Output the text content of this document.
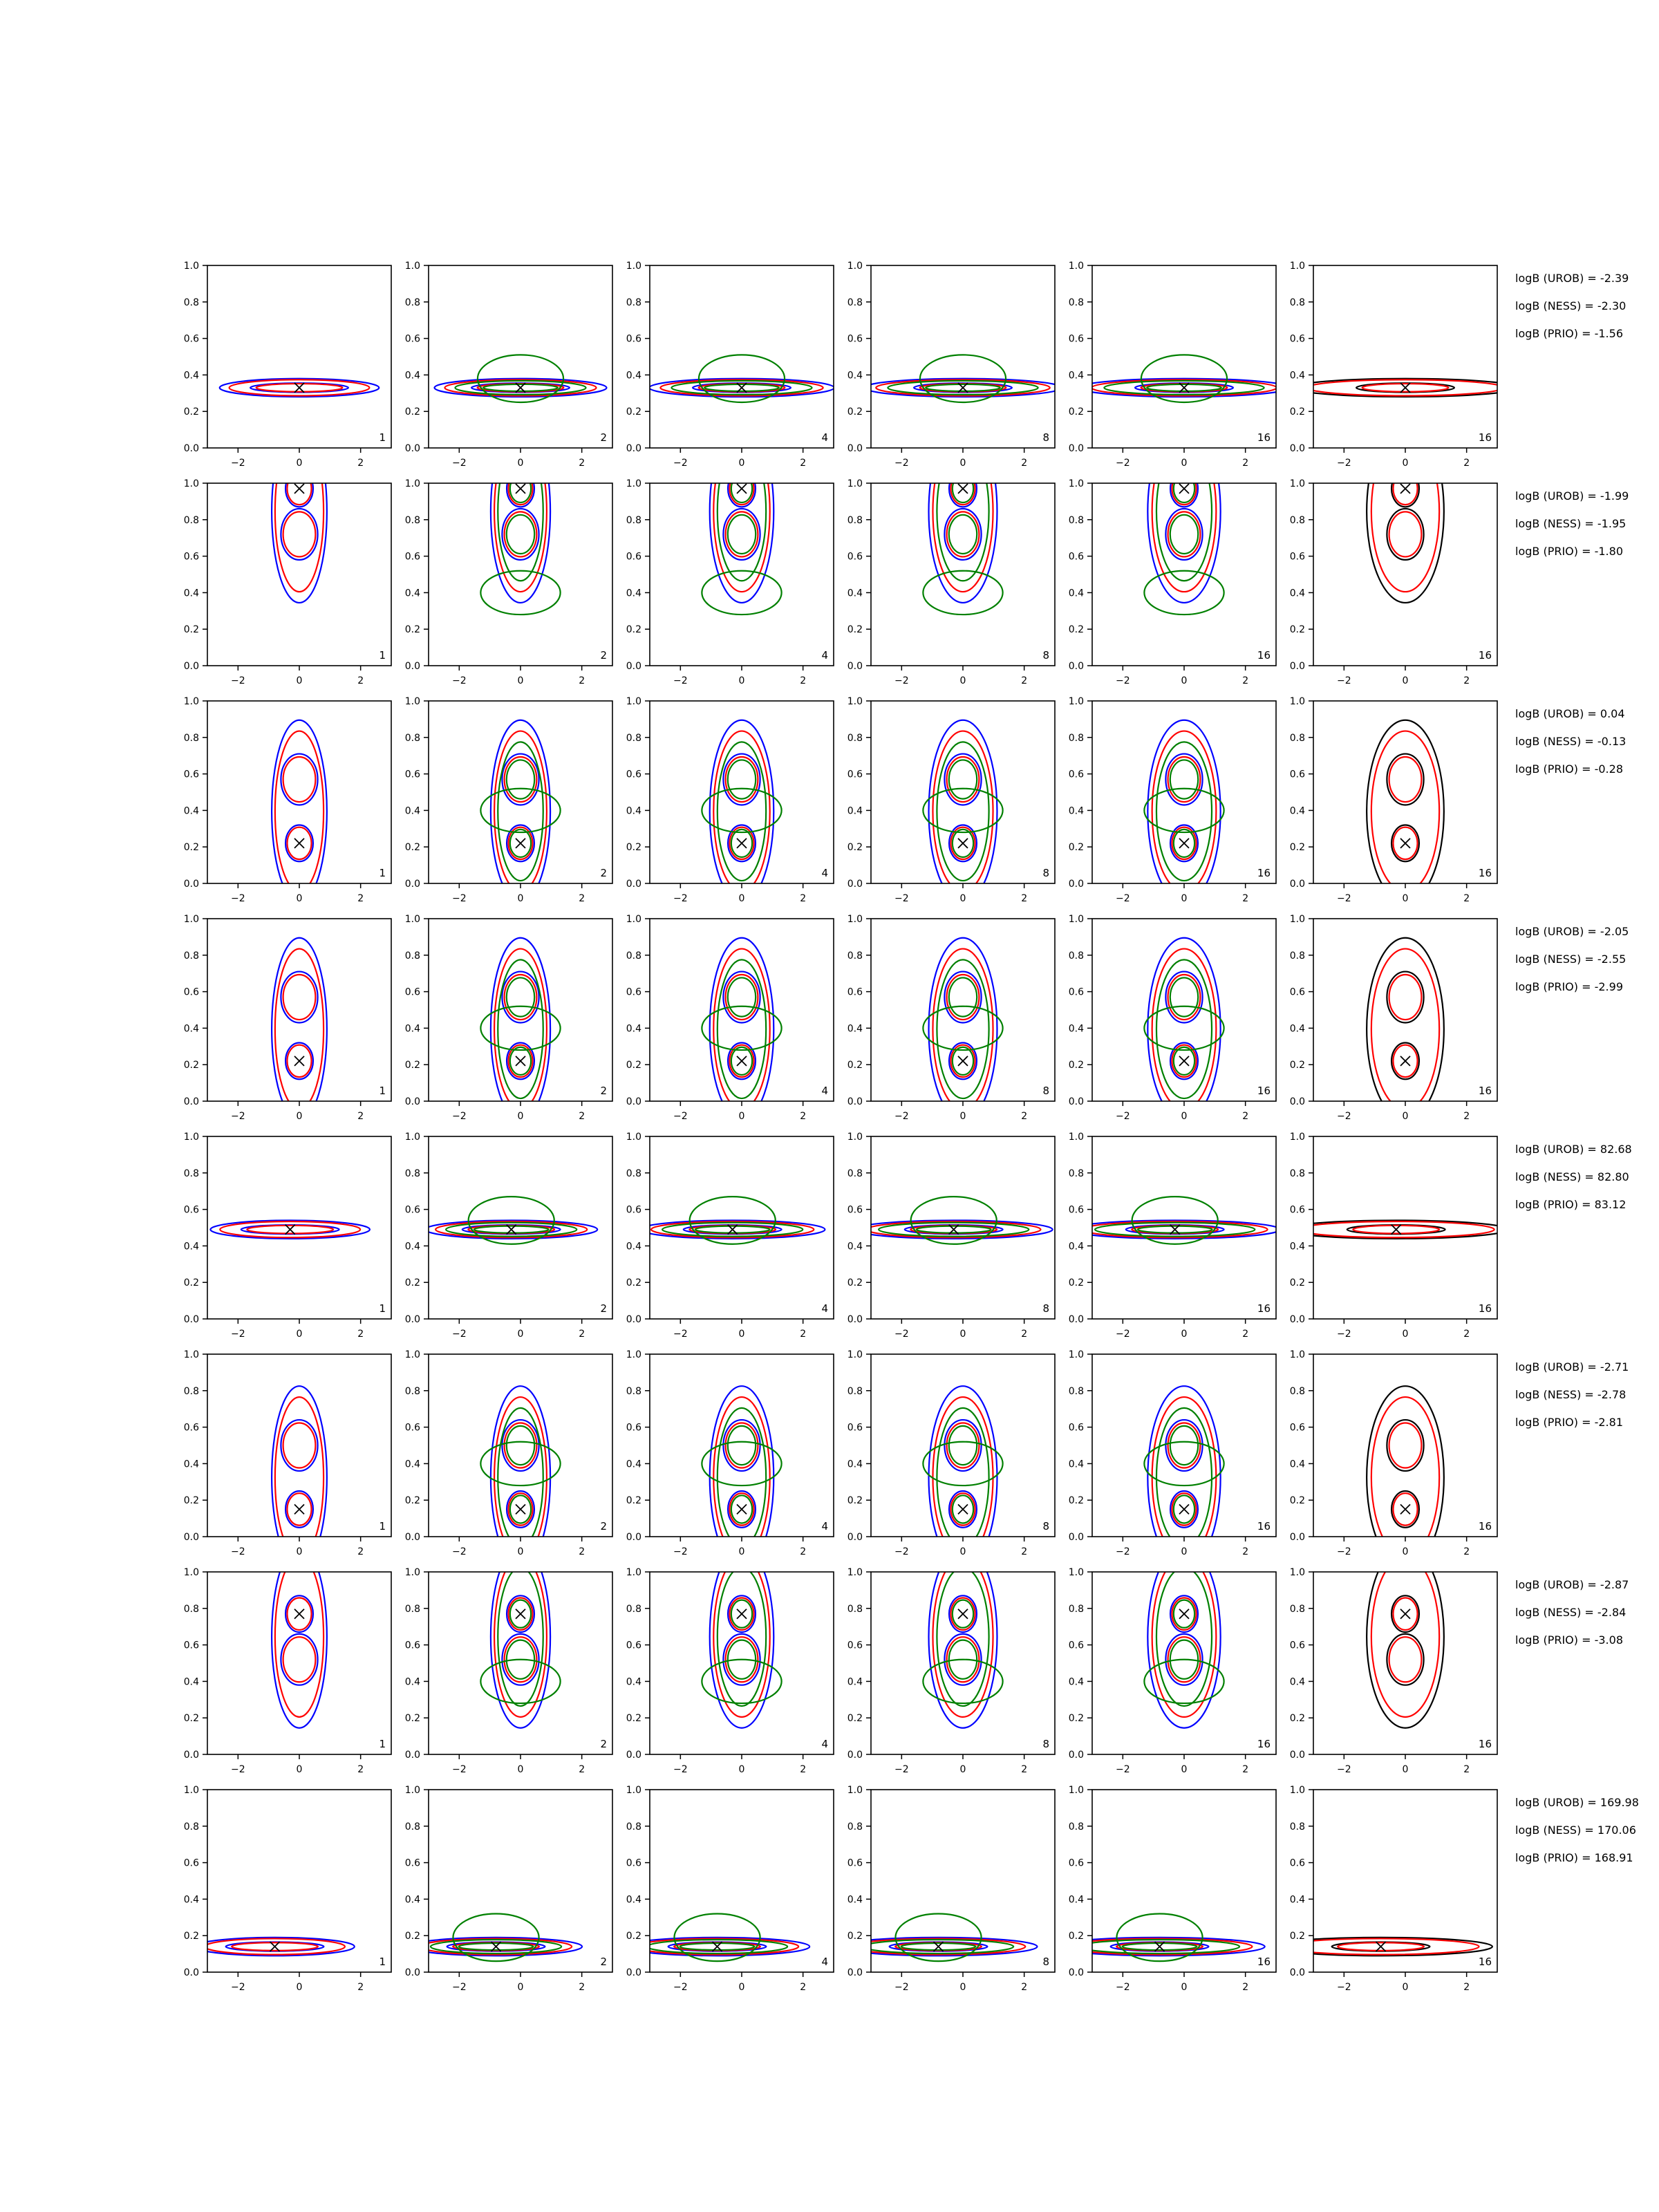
−2	0	2
0.0
0.2
0.4
0.6
0.8
1.0
1
−2	0	2
0.0
0.2
0.4
0.6
0.8
1.0
2
−2	0	2
0.0
0.2
0.4
0.6
0.8
1.0
4
−2	0	2
0.0
0.2
0.4
0.6
0.8
1.0
8
−2	0	2
0.0
0.2
0.4
0.6
0.8
1.0
16
−2	0	2
0.0
0.2
0.4
0.6
0.8
1.0
16
logB (UROB) = -2.39
logB (NESS) = -2.30
logB (PRIO) = -1.56
−2	0	2
0.0
0.2
0.4
0.6
0.8
1.0
1
−2	0	2
0.0
0.2
0.4
0.6
0.8
1.0
2
−2	0	2
0.0
0.2
0.4
0.6
0.8
1.0
4
−2	0	2
0.0
0.2
0.4
0.6
0.8
1.0
8
−2	0	2
0.0
0.2
0.4
0.6
0.8
1.0
16
−2	0	2
0.0
0.2
0.4
0.6
0.8
1.0
16
logB (UROB) = -1.99
logB (NESS) = -1.95
logB (PRIO) = -1.80
−2	0	2
0.0
0.2
0.4
0.6
0.8
1.0
1
−2	0	2
0.0
0.2
0.4
0.6
0.8
1.0
2
−2	0	2
0.0
0.2
0.4
0.6
0.8
1.0
4
−2	0	2
0.0
0.2
0.4
0.6
0.8
1.0
8
−2	0	2
0.0
0.2
0.4
0.6
0.8
1.0
16
−2	0	2
0.0
0.2
0.4
0.6
0.8
1.0
16
logB (UROB) = 0.04
logB (NESS) = -0.13
logB (PRIO) = -0.28
−2	0	2
0.0
0.2
0.4
0.6
0.8
1.0
1
−2	0	2
0.0
0.2
0.4
0.6
0.8
1.0
2
−2	0	2
0.0
0.2
0.4
0.6
0.8
1.0
4
−2	0	2
0.0
0.2
0.4
0.6
0.8
1.0
8
−2	0	2
0.0
0.2
0.4
0.6
0.8
1.0
16
−2	0	2
0.0
0.2
0.4
0.6
0.8
1.0
16
logB (UROB) = -2.05
logB (NESS) = -2.55
logB (PRIO) = -2.99
−2	0	2
0.0
0.2
0.4
0.6
0.8
1.0
1
−2	0	2
0.0
0.2
0.4
0.6
0.8
1.0
2
−2	0	2
0.0
0.2
0.4
0.6
0.8
1.0
4
−2	0	2
0.0
0.2
0.4
0.6
0.8
1.0
8
−2	0	2
0.0
0.2
0.4
0.6
0.8
1.0
16
−2	0	2
0.0
0.2
0.4
0.6
0.8
1.0
16
logB (UROB) = 82.68
logB (NESS) = 82.80
logB (PRIO) = 83.12
−2	0	2
0.0
0.2
0.4
0.6
0.8
1.0
1
−2	0	2
0.0
0.2
0.4
0.6
0.8
1.0
2
−2	0	2
0.0
0.2
0.4
0.6
0.8
1.0
4
−2	0	2
0.0
0.2
0.4
0.6
0.8
1.0
8
−2	0	2
0.0
0.2
0.4
0.6
0.8
1.0
16
−2	0	2
0.0
0.2
0.4
0.6
0.8
1.0
16
logB (UROB) = -2.71
logB (NESS) = -2.78
logB (PRIO) = -2.81
−2	0	2
0.0
0.2
0.4
0.6
0.8
1.0
1
−2	0	2
0.0
0.2
0.4
0.6
0.8
1.0
2
−2	0	2
0.0
0.2
0.4
0.6
0.8
1.0
4
−2	0	2
0.0
0.2
0.4
0.6
0.8
1.0
8
−2	0	2
0.0
0.2
0.4
0.6
0.8
1.0
16
−2	0	2
0.0
0.2
0.4
0.6
0.8
1.0
16
logB (UROB) = -2.87
logB (NESS) = -2.84
logB (PRIO) = -3.08
−2	0	2
0.0
0.2
0.4
0.6
0.8
1.0
1
−2	0	2
0.0
0.2
0.4
0.6
0.8
1.0
2
−2	0	2
0.0
0.2
0.4
0.6
0.8
1.0
4
−2	0	2
0.0
0.2
0.4
0.6
0.8
1.0
8
−2	0	2
0.0
0.2
0.4
0.6
0.8
1.0
16
−2	0	2
0.0
0.2
0.4
0.6
0.8
1.0
16
logB (UROB) = 169.98
logB (NESS) = 170.06
logB (PRIO) = 168.91
